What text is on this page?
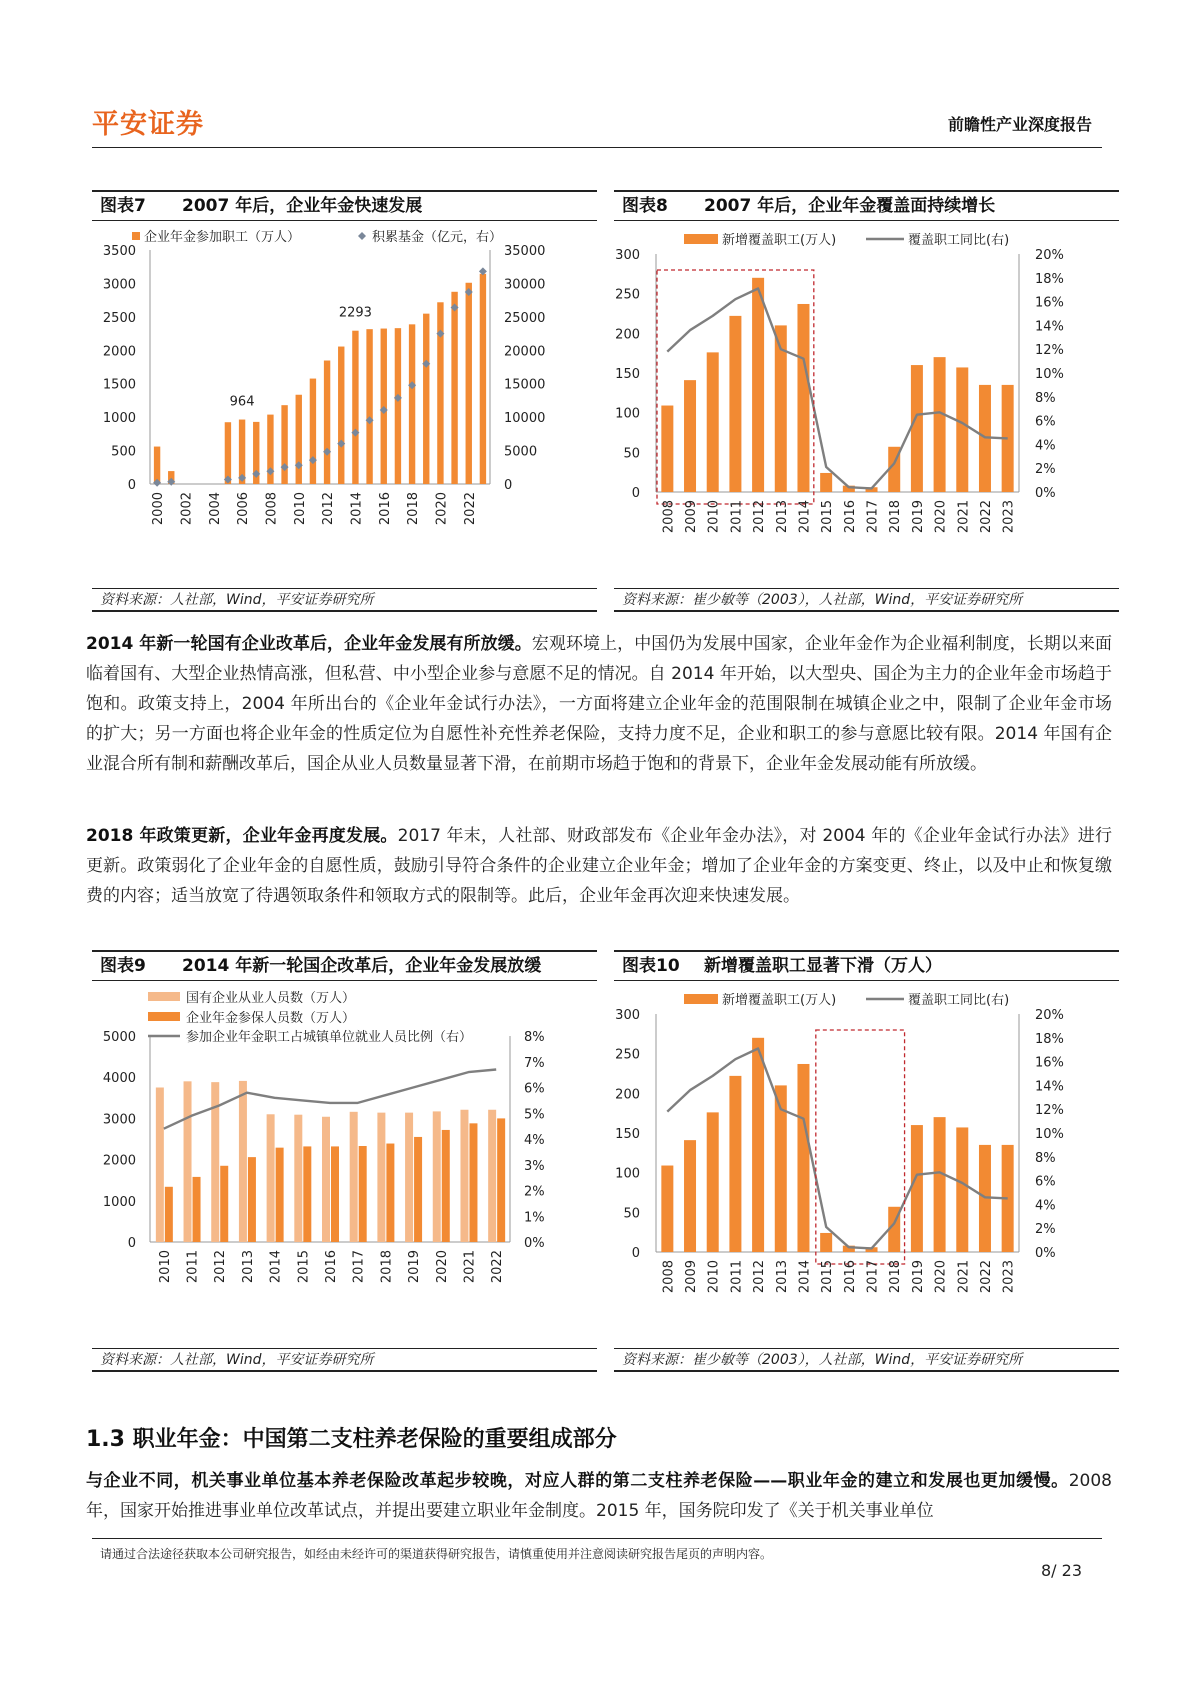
平安证券	前瞻性产业深度报告
图表7 2007 年后，企业年金快速发展
0
500
1000
1500
2000
2500
3000
3500
0
5000
10000
15000
20000
25000
30000
35000
964
2293
2000 2002 2004 2006 2008 2010 2012 2014 2016 2018 2020 2022
企业年金参加职工（万人）	积累基金（亿元，右）
资料来源：人社部，Wind，平安证券研究所
图表8 2007 年后，企业年金覆盖面持续增长
0
50
100
150
200
250
300
0%
2%
4%
6%
8%
10%
12%
14%
16%
18%
20%
2008 2009 2010 2011 2012 2013 2014 2015 2016 2017 2018 2019 2020 2021 2022 2023
新增覆盖职工(万人)	覆盖职工同比(右)
资料来源：崔少敏等（2003），人社部，Wind，平安证券研究所
2014 年新一轮国有企业改革后，企业年金发展有所放缓。宏观环境上，中国仍为发展中国家，企业年金作为企业福利制度，长期以来面临着国有、大型企业热情高涨，但私营、中小型企业参与意愿不足的情况。自 2014 年开始，以大型央、国企为主力的企业年金市场趋于饱和。政策支持上，2004 年所出台的《企业年金试行办法》，一方面将建立企业年金的范围限制在城镇企业之中，限制了企业年金市场的扩大；另一方面也将企业年金的性质定位为自愿性补充性养老保险，支持力度不足，企业和职工的参与意愿比较有限。2014 年国有企业混合所有制和薪酬改革后，国企从业人员数量显著下滑，在前期市场趋于饱和的背景下，企业年金发展动能有所放缓。
2018 年政策更新，企业年金再度发展。2017 年末，人社部、财政部发布《企业年金办法》，对 2004 年的《企业年金试行办法》进行更新。政策弱化了企业年金的自愿性质，鼓励引导符合条件的企业建立企业年金；增加了企业年金的方案变更、终止，以及中止和恢复缴费的内容；适当放宽了待遇领取条件和领取方式的限制等。此后，企业年金再次迎来快速发展。
图表9 2014 年新一轮国企改革后，企业年金发展放缓
0
1000
2000
3000
4000
5000
0%
1%
2%
3%
4%
5%
6%
7%
8%
2010 2011 2012 2013 2014 2015 2016 2017 2018 2019 2020 2021 2022
国有企业从业人员数（万人）
企业年金参保人员数（万人）
参加企业年金职工占城镇单位就业人员比例（右）
资料来源：人社部，Wind，平安证券研究所
图表10 新增覆盖职工显著下滑（万人）
0
50
100
150
200
250
300
0%
2%
4%
6%
8%
10%
12%
14%
16%
18%
20%
2008 2009 2010 2011 2012 2013 2014 2015 2016 2017 2018 2019 2020 2021 2022 2023
新增覆盖职工(万人)	覆盖职工同比(右)
资料来源：崔少敏等（2003），人社部，Wind，平安证券研究所
1.3 职业年金：中国第二支柱养老保险的重要组成部分
与企业不同，机关事业单位基本养老保险改革起步较晚，对应人群的第二支柱养老保险——职业年金的建立和发展也更加缓慢。2008 年，国家开始推进事业单位改革试点，并提出要建立职业年金制度。2015 年，国务院印发了《关于机关事业单位
请通过合法途径获取本公司研究报告，如经由未经许可的渠道获得研究报告，请慎重使用并注意阅读研究报告尾页的声明内容。
8/ 23
